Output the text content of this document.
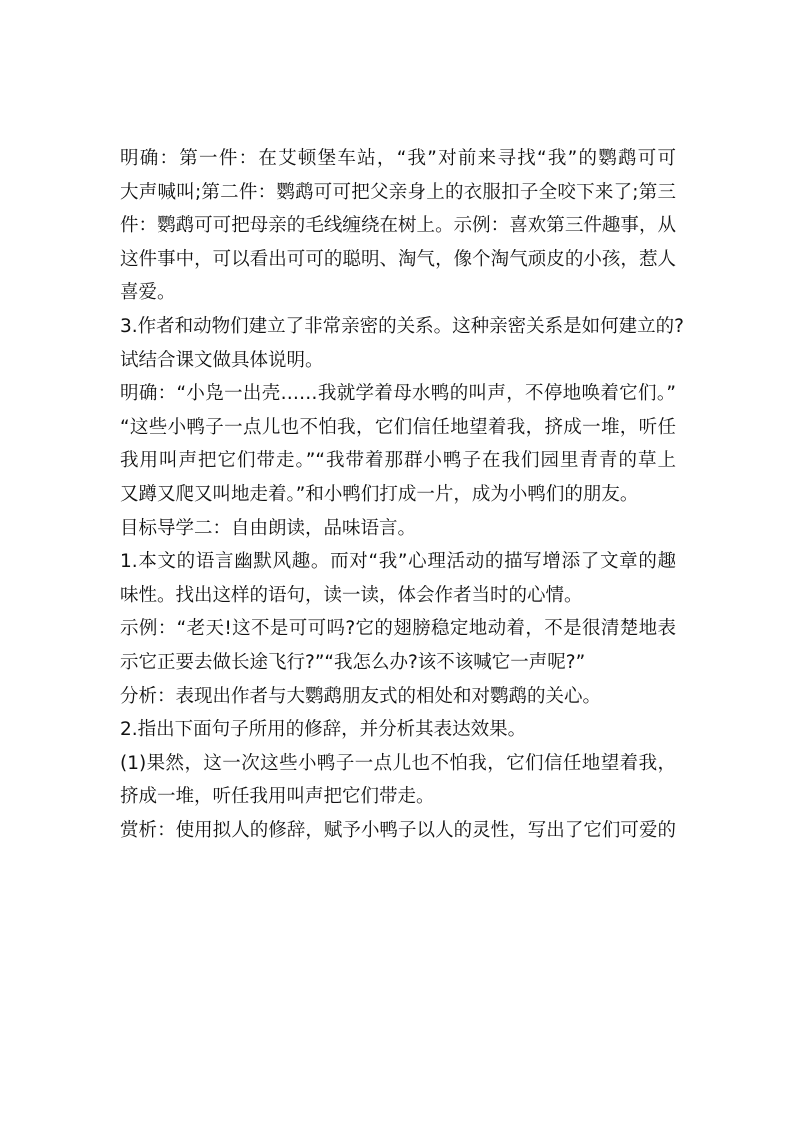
明确：第一件：在艾顿堡车站，“我”对前来寻找“我”的鹦鹉可可
大声喊叫;第二件：鹦鹉可可把父亲身上的衣服扣子全咬下来了;第三
件：鹦鹉可可把母亲的毛线缠绕在树上。示例：喜欢第三件趣事，从
这件事中，可以看出可可的聪明、淘气，像个淘气顽皮的小孩，惹人
喜爱。
3.作者和动物们建立了非常亲密的关系。这种亲密关系是如何建立的?
试结合课文做具体说明。
明确：“小凫一出壳……我就学着母水鸭的叫声，不停地唤着它们。”
“这些小鸭子一点儿也不怕我，它们信任地望着我，挤成一堆，听任
我用叫声把它们带走。”“我带着那群小鸭子在我们园里青青的草上
又蹲又爬又叫地走着。”和小鸭们打成一片，成为小鸭们的朋友。
目标导学二：自由朗读，品味语言。
1.本文的语言幽默风趣。而对“我”心理活动的描写增添了文章的趣
味性。找出这样的语句，读一读，体会作者当时的心情。
示例：“老天!这不是可可吗?它的翅膀稳定地动着，不是很清楚地表
示它正要去做长途飞行?”“我怎么办?该不该喊它一声呢?”
分析：表现出作者与大鹦鹉朋友式的相处和对鹦鹉的关心。
2.指出下面句子所用的修辞，并分析其表达效果。
(1)果然，这一次这些小鸭子一点儿也不怕我，它们信任地望着我，
挤成一堆，听任我用叫声把它们带走。
赏析：使用拟人的修辞，赋予小鸭子以人的灵性，写出了它们可爱的
